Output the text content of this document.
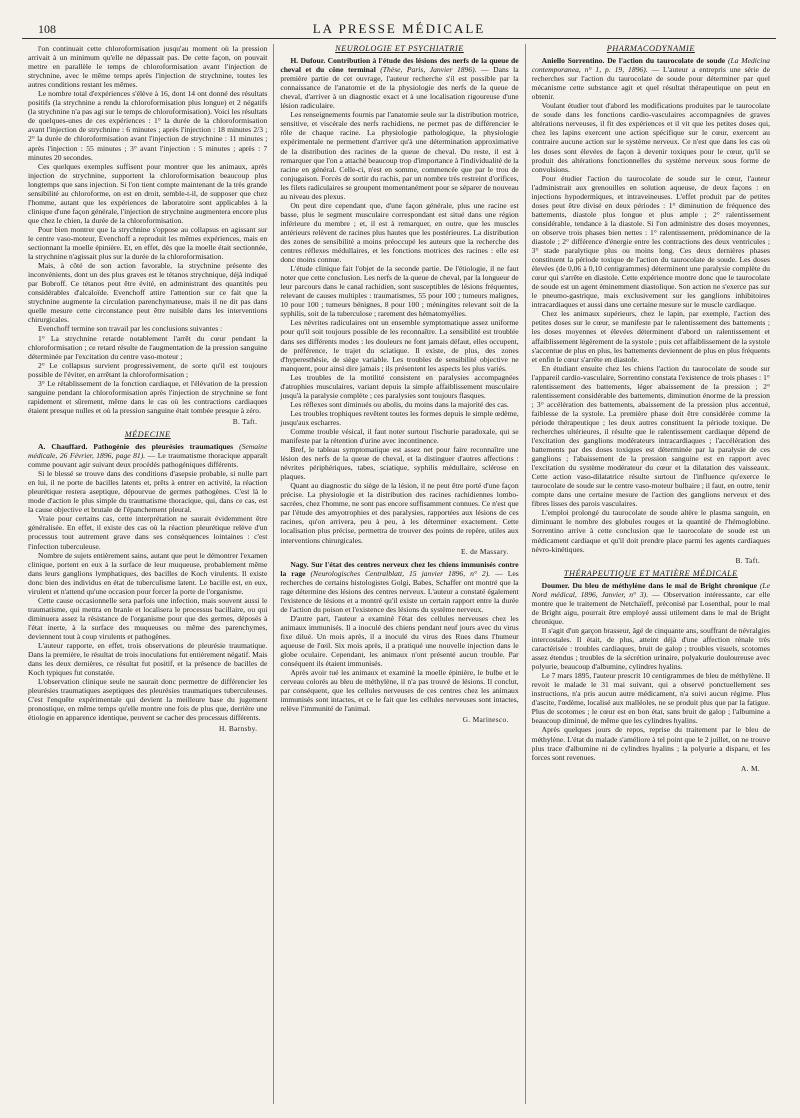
108	LA PRESSE MÉDICALE

l'on continuait cette chloroformisation jusqu'au moment où la pression arrivait à un minimum qu'elle ne dépassait pas. De cette façon, on pouvait mettre en parallèle le temps de chloroformisation avant l'injection de strychnine, avec le même temps après l'injection de strychnine, toutes les autres conditions restant les mêmes.

Le nombre total d'expériences s'élève à 16, dont 14 ont donné des résultats positifs (la strychnine a rendu la chloroformisation plus longue) et 2 négatifs (la strychnine n'a pas agi sur le temps de chloroformisation). Voici les résultats de quelques-unes de ces expériences : 1° la durée de la chloroformisation avant l'injection de strychnine : 6 minutes ; après l'injection : 18 minutes 2/3 ; 2° la durée de chloroformisation avant l'injection de strychnine : 11 minutes ; après l'injection : 55 minutes ; 3° avant l'injection : 5 minutes ; après : 7 minutes 20 secondes.

Ces quelques exemples suffisent pour montrer que les animaux, après injection de strychnine, supportent la chloroformisation beaucoup plus longtemps que sans injection. Si l'on tient compte maintenant de la très grande sensibilité au chloroforme, on est en droit, semble-t-il, de supposer que chez l'homme, autant que les expériences de laboratoire sont applicables à la clinique d'une façon générale, l'injection de strychnine augmentera encore plus que chez le chien, la durée de la chloroformisation.

Pour bien montrer que la strychnine s'oppose au collapsus en agissant sur le centre vaso-moteur, Evenchoff a reproduit les mêmes expériences, mais en sectionnant la moelle épinière. Et, en effet, dès que la moelle était sectionnée, la strychnine n'agissait plus sur la durée de la chloroformisation.

Mais, à côté de son action favorable, la strychnine présente des inconvénients, dont un des plus graves est le tétanos strychnique, déjà indiqué par Bobroff. Ce tétanos peut être évité, en administrant des quantités peu considérables d'alcaloïde. Evenchoff attire l'attention sur ce fait que la strychnine augmente la circulation parenchymateuse, mais il ne dit pas dans quelle mesure cette circonstance peut être nuisible dans les interventions chirurgicales.

Evenchoff termine son travail par les conclusions suivantes :

1° La strychnine retarde notablement l'arrêt du cœur pendant la chloroformisation ; ce retard résulte de l'augmentation de la pression sanguine déterminée par l'excitation du centre vaso-moteur ;

2° Le collapsus survient progressivement, de sorte qu'il est toujours possible de l'éviter, en arrêtant la chloroformisation ;

3° Le rétablissement de la fonction cardiaque, et l'élévation de la pression sanguine pendant la chloroformisation après l'injection de strychnine se font rapidement et sûrement, même dans le cas où les contractions cardiaques étaient presque nulles et où la pression sanguine était tombée presque à zéro.

B. Taft.
MÉDECINE

A. Chauffard. Pathogénie des pleurésies traumatiques (Semaine médicale, 26 Février, 1896, page 81). — Le traumatisme thoracique apparaît comme pouvant agir suivant deux procédés pathogéniques différents.

Si le blessé se trouve dans des conditions d'asepsie probable, si nulle part en lui, il ne porte de bacilles latents et, prêts à entrer en activité, la réaction pleurétique restera aseptique, dépourvue de germes pathogènes. C'est là le mode d'action le plus simple du traumatisme thoracique, qui, dans ce cas, est la cause objective et brutale de l'épanchement pleural.

Vraie pour certains cas, cette interprétation ne saurait évidemment être généralisée. En effet, il existe des cas où la réaction pleurétique relève d'un processus tout autrement grave dans ses conséquences lointaines : c'est l'infection tuberculeuse.

Nombre de sujets entièrement sains, autant que peut le démontrer l'examen clinique, portent en eux à la surface de leur muqueuse, probablement même dans leurs ganglions lymphatiques, des bacilles de Koch virulents. Il existe donc bien des individus en état de tuberculisme latent. Le bacille est, en eux, virulent et n'attend qu'une occasion pour forcer la porte de l'organisme.

Cette cause occasionnelle sera parfois une infection, mais souvent aussi le traumatisme, qui mettra en branle et localisera le processus bacillaire, ou qui diminuera assez la résistance de l'organisme pour que des germes, déposés à l'état inerte, à la surface des muqueuses ou même des parenchymes, deviennent tout à coup virulents et pathogènes.

L'auteur rapporte, en effet, trois observations de pleurésie traumatique. Dans la première, le résultat de trois inoculations fut entièrement négatif. Mais dans les deux dernières, ce résultat fut positif, et la présence de bacilles de Koch typiques fut constatée.

L'observation clinique seule ne saurait donc permettre de différencier les pleurésies traumatiques aseptiques des pleurésies traumatiques tuberculeuses. C'est l'enquête expérimentale qui devient la meilleure base du jugement pronostique, en même temps qu'elle montre une fois de plus que, derrière une étiologie en apparence identique, peuvent se cacher des processus différents.

H. Barnsby.
NEUROLOGIE ET PSYCHIATRIE

H. Dufour. Contribution à l'étude des lésions des nerfs de la queue de cheval et du cône terminal (Thèse, Paris, Janvier 1896). — Dans la première partie de cet ouvrage, l'auteur recherche s'il est possible par la connaissance de l'anatomie et de la physiologie des nerfs de la queue de cheval, d'arriver à un diagnostic exact et à une localisation rigoureuse d'une lésion radiculaire.

Les renseignements fournis par l'anatomie seule sur la distribution motrice, sensitive, et viscérale des nerfs rachidiens, ne permet pas de différencier le rôle de chaque racine. La physiologie pathologique, la physiologie expérimentale ne permettent d'arriver qu'à une détermination approximative de la distribution des racines de la queue de cheval. Du reste, il est à remarquer que l'on a attaché beaucoup trop d'importance à l'individualité de la racine en général. Celle-ci, n'est en somme, commencée que par le trou de conjugaison. Forcés de sortir du rachis, par un nombre très restreint d'orifices, les filets radiculaires se groupent momentanément pour se séparer de nouveau au niveau des plexus.

On peut dire cependant que, d'une façon générale, plus une racine est basse, plus le segment musculaire correspondant est situé dans une région inférieure du membre ; et, il est à remarquer, en outre, que les muscles antérieurs relèvent de racines plus hautes que les postérieures. La distribution des zones de sensibilité a moins préoccupé les auteurs que la recherche des centres réflexes médullaires, et les fonctions motrices des racines : elle est donc moins connue.

L'étude clinique fait l'objet de la seconde partie. De l'étiologie, il ne faut noter que cette conclusion. Les nerfs de la queue de cheval, par la longueur de leur parcours dans le canal rachidien, sont susceptibles de lésions fréquentes, relevant de causes multiples : traumatismes, 55 pour 100 ; tumeurs malignes, 10 pour 100 ; tumeurs bénignes, 8 pour 100 ; méningites relevant soit de la syphilis, soit de la tuberculose ; rarement des hématomyélies.

Les névrites radiculaires ont un ensemble symptomatique assez uniforme pour qu'il soit toujours possible de les reconnaître. La sensibilité est troublée dans ses différents modes : les douleurs ne font jamais défaut, elles occupent, de préférence, le trajet du sciatique. Il existe, de plus, des zones d'hyperesthésie, de siège variable. Les troubles de sensibilité objective ne manquent, pour ainsi dire jamais ; ils présentent les aspects les plus variés.

Les troubles de la motilité consistent en paralysies accompagnées d'atrophies musculaires, variant depuis la simple affaiblissement musculaire jusqu'à la paralysie complète ; ces paralysies sont toujours flasques.

Les réflexes sont diminués ou abolis, du moins dans la majorité des cas.

Les troubles trophiques revêtent toutes les formes depuis le simple œdème, jusqu'aux escharres.

Comme trouble vésical, il faut noter surtout l'ischurie paradoxale, qui se manifeste par la rétention d'urine avec incontinence.

Bref, le tableau symptomatique est assez net pour faire reconnaître une lésion des nerfs de la queue de cheval, et la distinguer d'autres affections : névrites périphériques, tabes, sciatique, syphilis médullaire, sclérose en plaques.

Quant au diagnostic du siège de la lésion, il ne peut être porté d'une façon précise. La physiologie et la distribution des racines rachidiennes lombo-sacrées, chez l'homme, ne sont pas encore suffisamment connues. Ce n'est que par l'étude des amyotrophies et des paralysies, rapportées aux lésions de ces racines, qu'on arrivera, peu à peu, à les déterminer exactement. Cette localisation plus précise, permettra de trouver des points de repère, utiles aux interventions chirurgicales.

E. de Massary.

Nagy. Sur l'état des centres nerveux chez les chiens immunisés contre la rage (Neurologisches Centralblatt, 15 janvier 1896, n° 2). — Les recherches de certains histologistes Golgi, Babes, Schaffer ont montré que la rage détermine des lésions des centres nerveux. L'auteur a constaté également l'existence de lésions et a montré qu'il existe un certain rapport entre la durée de l'action du poison et l'existence des lésions du système nerveux.

D'autre part, l'auteur a examiné l'état des cellules nerveuses chez les animaux immunisés. Il a inoculé des chiens pendant neuf jours avec du virus fixe dilué. Un mois après, il a inoculé du virus des Rues dans l'humeur aqueuse de l'œil. Six mois après, il a pratiqué une nouvelle injection dans le globe oculaire. Cependant, les animaux n'ont présenté aucun trouble. Par conséquent ils étaient immunisés.

Après avoir tué les animaux et examiné la moelle épinière, le bulbe et le cerveau colorés au bleu de méthylène, il n'a pas trouvé de lésions. Il conclut, par conséquent, que les cellules nerveuses de ces centres chez les animaux immunisés sont intactes, et ce le fait que les cellules nerveuses sont intactes, relève l'immunité de l'animal.

G. Marinesco.
PHARMACODYNAMIE

Aniello Sorrentino. De l'action du taurocolate de soude (La Medicina contemporanea, n° 1, p. 19, 1896). — L'auteur a entrepris une série de recherches sur l'action du taurocolate de soude pour déterminer par quel mécanisme cette substance agit et quel résultat thérapeutique on peut en obtenir.

Voulant étudier tout d'abord les modifications produites par le taurocolate de soude dans les fonctions cardio-vasculaires accompagnées de graves altérations nerveuses, il fit des expériences et il vit que les petites doses qui, chez les lapins exercent une action spécifique sur le cœur, exercent au contraire aucune action sur le système nerveux. Ce n'est que dans les cas où les doses sont élevées de façon à devenir toxiques pour le cœur, qu'il se produit des altérations fonctionnelles du système nerveux sous forme de convulsions.

Pour étudier l'action du taurocolate de soude sur le cœur, l'auteur l'administrait aux grenouilles en solution aqueuse, de deux façons : en injections hypodermiques, et intraveineuses. L'effet produit par de petites doses peut être divisé en deux périodes : 1° diminution de fréquence des battements, diastole plus longue et plus ample ; 2° ralentissement considérable, tendance à la diastole. Si l'on administre des doses moyennes, on observe trois phases bien nettes : 1° ralentissement, prédominance de la diastole ; 2° différence d'énergie entre les contractions des deux ventricules ; 3° stade paralytique plus ou moins long. Ces deux dernières phases constituent la période toxique de l'action du taurocolate de soude. Les doses élevées (de 0,06 à 0,10 centigrammes) déterminent une paralysie complète du cœur qui s'arrête en diastole. Cette expérience montre donc que le taurocolate de soude est un agent éminemment diastolique. Son action ne s'exerce pas sur le pneumo-gastrique, mais exclusivement sur les ganglions inhibitoires intracardiaques et aussi dans une certaine mesure sur le muscle cardiaque.

Chez les animaux supérieurs, chez le lapin, par exemple, l'action des petites doses sur le cœur, se manifeste par le ralentissement des battements ; les doses moyennes et élevées déterminent d'abord un ralentissement et affaiblissement légèrement de la systole ; puis cet affaiblissement de la systole s'accentue de plus en plus, les battements deviennent de plus en plus fréquents et enfin le cœur s'arrête en diastole.

En étudiant ensuite chez les chiens l'action du taurocolate de soude sur l'appareil cardio-vasculaire, Sorrentino constata l'existence de trois phases : 1° ralentissement des battements, léger abaissement de la pression ; 2° ralentissement considérable des battements, diminution énorme de la pression ; 3° accélération des battements, abaissement de la pression plus accentué, faiblesse de la systole. La première phase doit être considérée comme la période thérapeutique ; les deux autres constituent la période toxique. De recherches ultérieures, il résulte que le ralentissement cardiaque dépend de l'excitation des ganglions modérateurs intracardiaques ; l'accélération des battements par des doses toxiques est déterminée par la paralysie de ces ganglions ; l'abaissement de la pression sanguine est en rapport avec l'excitation du système modérateur du cœur et la dilatation des vaisseaux. Cette action vaso-dilatatrice résulte surtout de l'influence qu'exerce le taurocolate de soude sur le centre vaso-moteur bulbaire ; il faut, en outre, tenir compte dans une certaine mesure de l'action des ganglions nerveux et des fibres lisses des parois vasculaires.

L'emploi prolongé du taurocolate de soude altère le plasma sanguin, en diminuant le nombre des globules rouges et la quantité de l'hémoglobine. Sorrentino arrive à cette conclusion que le taurocolate de soude est un médicament cardiaque et qu'il doit prendre place parmi les agents cardiaques névro-kinétiques.

B. Taft.
THÉRAPEUTIQUE ET MATIÈRE MÉDICALE

Doumer. Du bleu de méthylène dans le mal de Bright chronique (Le Nord médical, 1896, Janvier, n° 3). — Observation intéressante, car elle montre que le traitement de Netchaïeff, préconisé par Losenthal, pour le mal de Bright aigu, pourrait être employé aussi utilement dans le mal de Bright chronique.

Il s'agit d'un garçon brasseur, âgé de cinquante ans, souffrant de névralgies intercostales. Il était, de plus, atteint déjà d'une affection rénale très caractérisée : troubles cardiaques, bruit de galop ; troubles visuels, scotomes assez étendus ; troubles de la sécrétion urinaire, polyakurie douloureuse avec polyurie, beaucoup d'albumine, cylindres hyalins.

Le 7 mars 1895, l'auteur prescrit 10 centigrammes de bleu de méthylène. Il revoit le malade le 31 mai suivant, qui a observé ponctuellement ses instructions, n'a pris aucun autre médicament, n'a suivi aucun régime. Plus d'ascite, l'œdème, localisé aux malléoles, ne se produit plus que par la fatigue. Plus de scotomes ; le cœur est en bon état, sans bruit de galop ; l'albumine a beaucoup diminué, de même que les cylindres hyalins.

Après quelques jours de repos, reprise du traitement par le bleu de méthylène. L'état du malade s'améliore à tel point que le 2 juillet, on ne trouve plus trace d'albumine ni de cylindres hyalins ; la polyurie a disparu, et les forces sont revenues.

A. M.
